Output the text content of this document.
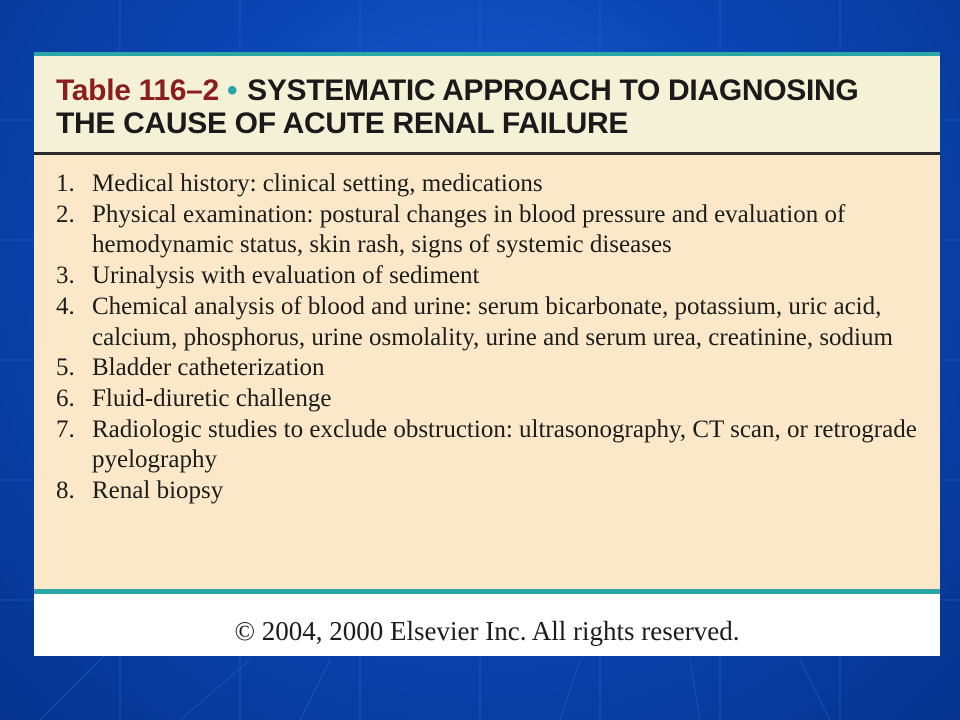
Table 116–2 • SYSTEMATIC APPROACH TO DIAGNOSING
THE CAUSE OF ACUTE RENAL FAILURE
1. Medical history: clinical setting, medications
2. Physical examination: postural changes in blood pressure and evaluation of hemodynamic status, skin rash, signs of systemic diseases
3. Urinalysis with evaluation of sediment
4. Chemical analysis of blood and urine: serum bicarbonate, potassium, uric acid, calcium, phosphorus, urine osmolality, urine and serum urea, creatinine, sodium
5. Bladder catheterization
6. Fluid-diuretic challenge
7. Radiologic studies to exclude obstruction: ultrasonography, CT scan, or retrograde pyelography
8. Renal biopsy
© 2004, 2000 Elsevier Inc. All rights reserved.
